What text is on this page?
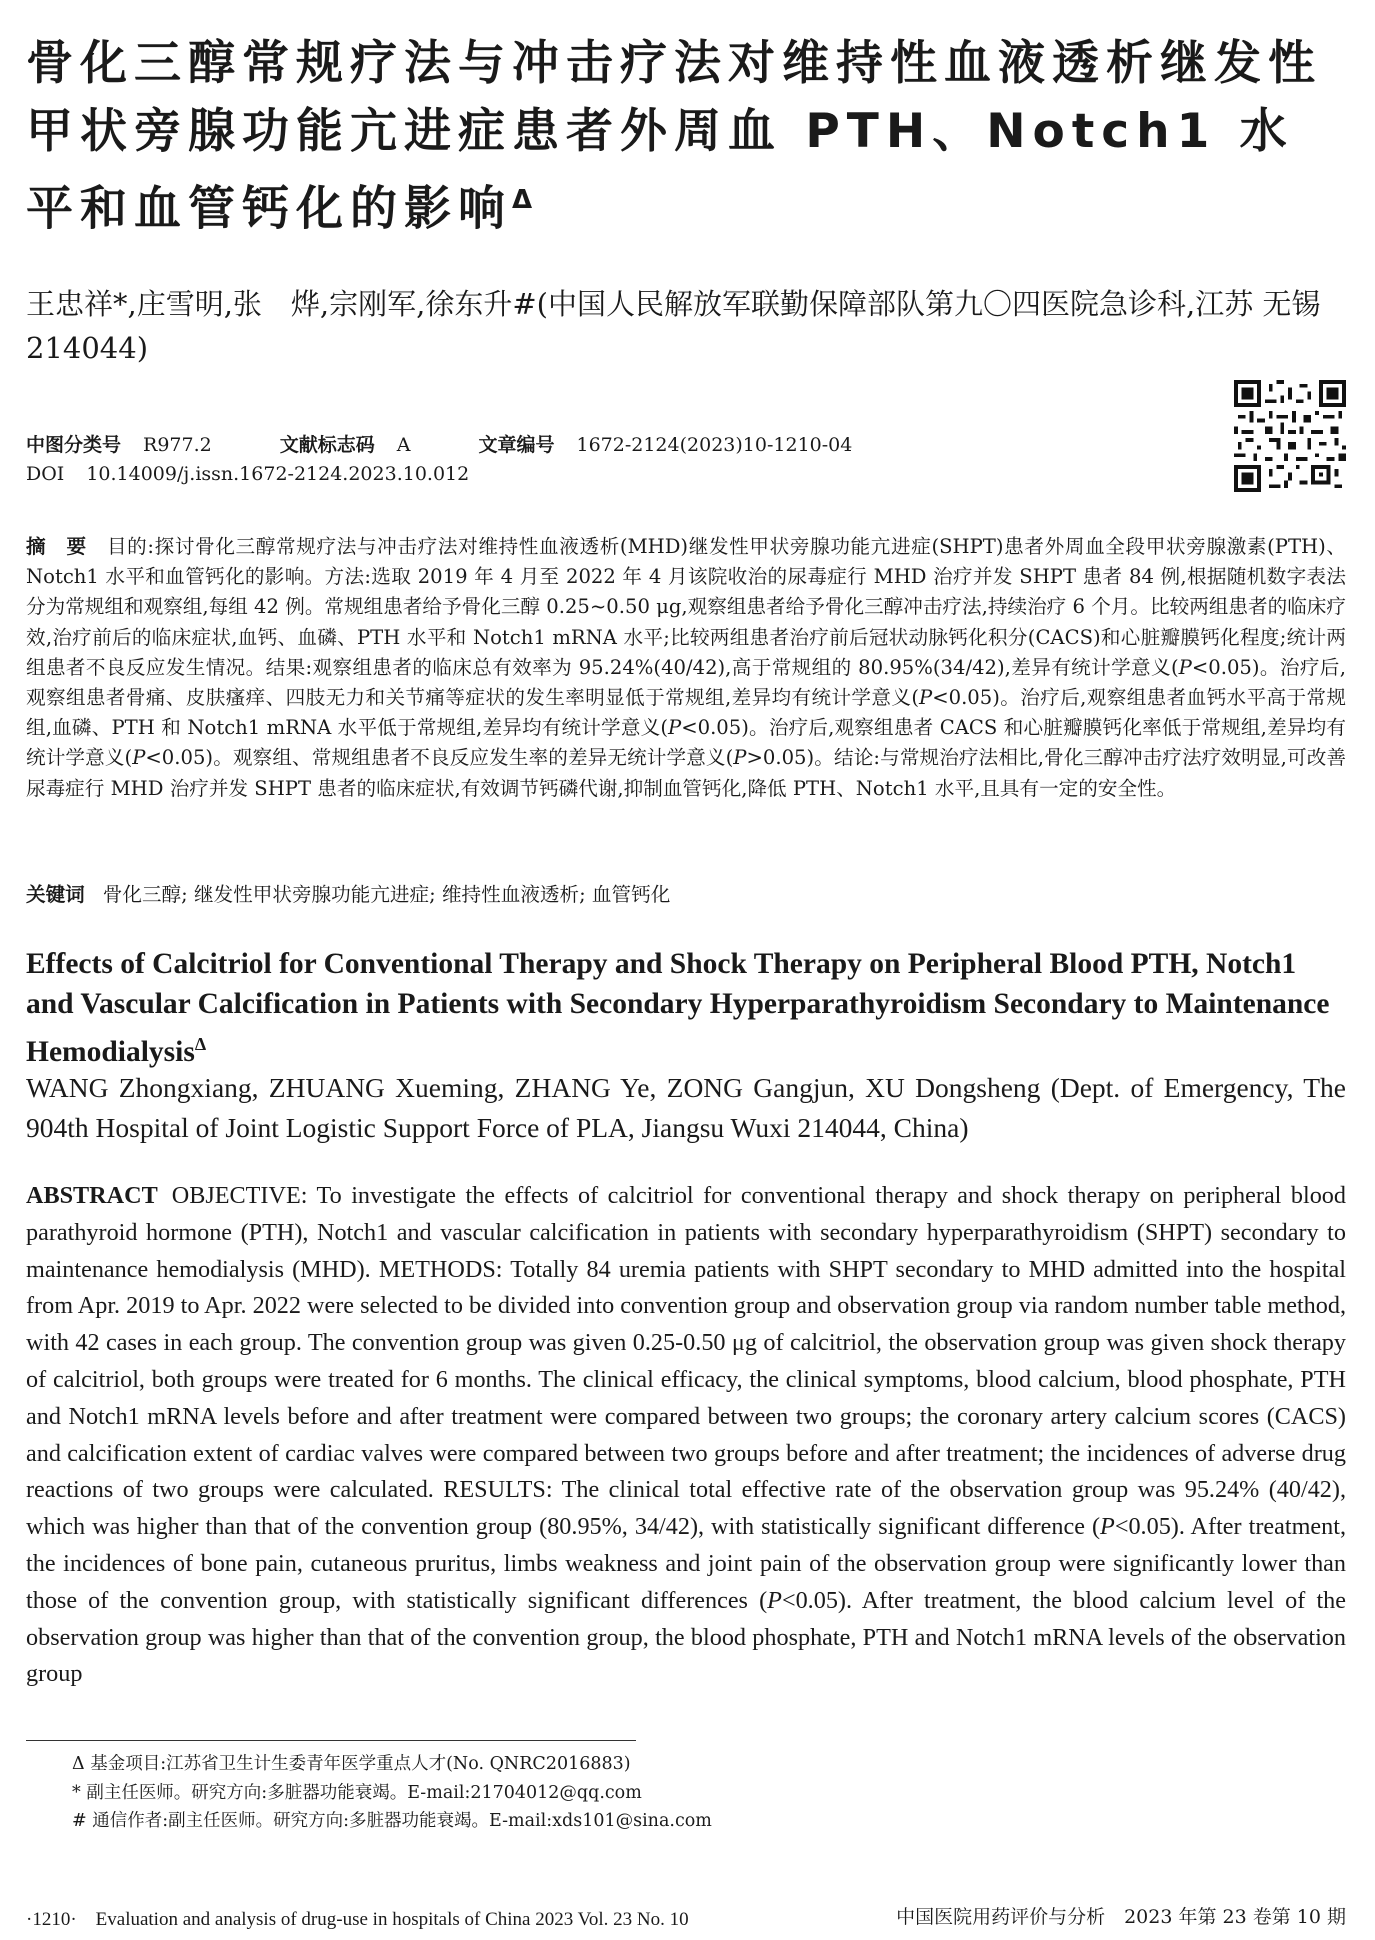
骨化三醇常规疗法与冲击疗法对维持性血液透析继发性甲状旁腺功能亢进症患者外周血 PTH、Notch1 水平和血管钙化的影响$^\Delta$

王忠祥*,庄雪明,张　烨,宗刚军,徐东升#(中国人民解放军联勤保障部队第九〇四医院急诊科,江苏 无锡 214044)

中图分类号 R977.2	文献标志码 A	文章编号 1672-2124(2023)10-1210-04
DOI 10.14009/j.issn.1672-2124.2023.10.012

摘　要　 目的:探讨骨化三醇常规疗法与冲击疗法对维持性血液透析(MHD)继发性甲状旁腺功能亢进症(SHPT)患者外周血全段甲状旁腺激素(PTH)、Notch1 水平和血管钙化的影响。方法:选取 2019 年 4 月至 2022 年 4 月该院收治的尿毒症行 MHD 治疗并发 SHPT 患者 84 例,根据随机数字表法分为常规组和观察组,每组 42 例。常规组患者给予骨化三醇 0.25~0.50 μg,观察组患者给予骨化三醇冲击疗法,持续治疗 6 个月。比较两组患者的临床疗效,治疗前后的临床症状,血钙、血磷、PTH 水平和 Notch1 mRNA 水平;比较两组患者治疗前后冠状动脉钙化积分(CACS)和心脏瓣膜钙化程度;统计两组患者不良反应发生情况。结果:观察组患者的临床总有效率为 95.24%(40/42),高于常规组的 80.95%(34/42),差异有统计学意义(P<0.05)。治疗后,观察组患者骨痛、皮肤瘙痒、四肢无力和关节痛等症状的发生率明显低于常规组,差异均有统计学意义(P<0.05)。治疗后,观察组患者血钙水平高于常规组,血磷、PTH 和 Notch1 mRNA 水平低于常规组,差异均有统计学意义(P<0.05)。治疗后,观察组患者 CACS 和心脏瓣膜钙化率低于常规组,差异均有统计学意义(P<0.05)。观察组、常规组患者不良反应发生率的差异无统计学意义(P>0.05)。结论:与常规治疗法相比,骨化三醇冲击疗法疗效明显,可改善尿毒症行 MHD 治疗并发 SHPT 患者的临床症状,有效调节钙磷代谢,抑制血管钙化,降低 PTH、Notch1 水平,且具有一定的安全性。

关键词 骨化三醇; 继发性甲状旁腺功能亢进症; 维持性血液透析; 血管钙化
Effects of Calcitriol for Conventional Therapy and Shock Therapy on Peripheral Blood PTH, Notch1 and Vascular Calcification in Patients with Secondary Hyperparathyroidism Secondary to Maintenance Hemodialysis$^\Delta$

WANG Zhongxiang, ZHUANG Xueming, ZHANG Ye, ZONG Gangjun, XU Dongsheng (Dept. of Emergency, The 904th Hospital of Joint Logistic Support Force of PLA, Jiangsu Wuxi 214044, China)

ABSTRACT OBJECTIVE: To investigate the effects of calcitriol for conventional therapy and shock therapy on peripheral blood parathyroid hormone (PTH), Notch1 and vascular calcification in patients with secondary hyperparathyroidism (SHPT) secondary to maintenance hemodialysis (MHD). METHODS: Totally 84 uremia patients with SHPT secondary to MHD admitted into the hospital from Apr. 2019 to Apr. 2022 were selected to be divided into convention group and observation group via random number table method, with 42 cases in each group. The convention group was given 0.25-0.50 μg of calcitriol, the observation group was given shock therapy of calcitriol, both groups were treated for 6 months. The clinical efficacy, the clinical symptoms, blood calcium, blood phosphate, PTH and Notch1 mRNA levels before and after treatment were compared between two groups; the coronary artery calcium scores (CACS) and calcification extent of cardiac valves were compared between two groups before and after treatment; the incidences of adverse drug reactions of two groups were calculated. RESULTS: The clinical total effective rate of the observation group was 95.24% (40/42), which was higher than that of the convention group (80.95%, 34/42), with statistically significant difference (P<0.05). After treatment, the incidences of bone pain, cutaneous pruritus, limbs weakness and joint pain of the observation group were significantly lower than those of the convention group, with statistically significant differences (P<0.05). After treatment, the blood calcium level of the observation group was higher than that of the convention group, the blood phosphate, PTH and Notch1 mRNA levels of the observation group

Δ 基金项目:江苏省卫生计生委青年医学重点人才(No. QNRC2016883)
* 副主任医师。研究方向:多脏器功能衰竭。E-mail:21704012@qq.com
# 通信作者:副主任医师。研究方向:多脏器功能衰竭。E-mail:xds101@sina.com
·1210·　Evaluation and analysis of drug-use in hospitals of China 2023 Vol. 23 No. 10	中国医院用药评价与分析　2023 年第 23 卷第 10 期
